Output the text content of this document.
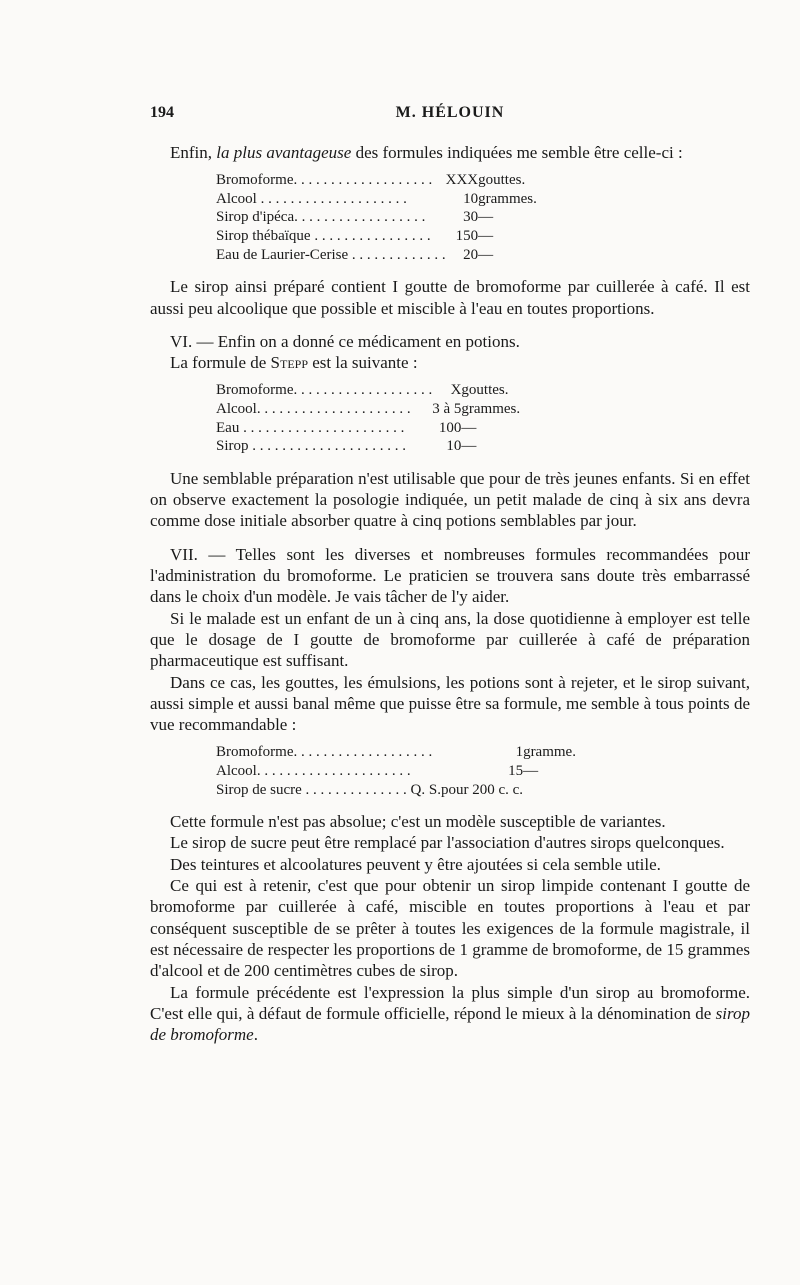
194	M. HÉLOUIN

Enfin, la plus avantageuse des formules indiquées me semble être celle-ci :

Bromoforme. . . . . . . . . . . . . . . . . . .	XXX	gouttes.
Alcool . . . . . . . . . . . . . . . . . . . .	10	grammes.
Sirop d'ipéca. . . . . . . . . . . . . . . . . .	30	—
Sirop thébaïque . . . . . . . . . . . . . . . .	150	—
Eau de Laurier-Cerise . . . . . . . . . . . . .	20	—

Le sirop ainsi préparé contient I goutte de bromoforme par cuillerée à café. Il est aussi peu alcoolique que possible et miscible à l'eau en toutes proportions.

VI. — Enfin on a donné ce médicament en potions.

La formule de Stepp est la suivante :

Bromoforme. . . . . . . . . . . . . . . . . . .	X	gouttes.
Alcool. . . . . . . . . . . . . . . . . . . . .	3 à 5	grammes.
Eau . . . . . . . . . . . . . . . . . . . . . .	100	—
Sirop . . . . . . . . . . . . . . . . . . . . .	10	—

Une semblable préparation n'est utilisable que pour de très jeunes enfants. Si en effet on observe exactement la posologie indiquée, un petit malade de cinq à six ans devra comme dose initiale absorber quatre à cinq potions semblables par jour.

VII. — Telles sont les diverses et nombreuses formules recommandées pour l'administration du bromoforme. Le praticien se trouvera sans doute très embarrassé dans le choix d'un modèle. Je vais tâcher de l'y aider.

Si le malade est un enfant de un à cinq ans, la dose quotidienne à employer est telle que le dosage de I goutte de bromoforme par cuillerée à café de préparation pharmaceutique est suffisant.

Dans ce cas, les gouttes, les émulsions, les potions sont à rejeter, et le sirop suivant, aussi simple et aussi banal même que puisse être sa formule, me semble à tous points de vue recommandable :

Bromoforme. . . . . . . . . . . . . . . . . . .	1	gramme.
Alcool. . . . . . . . . . . . . . . . . . . . .	15	—
Sirop de sucre . . . . . . . . . . . . . . Q. S.	pour 200 c. c.	

Cette formule n'est pas absolue; c'est un modèle susceptible de variantes.

Le sirop de sucre peut être remplacé par l'association d'autres sirops quelconques.

Des teintures et alcoolatures peuvent y être ajoutées si cela semble utile.

Ce qui est à retenir, c'est que pour obtenir un sirop limpide contenant I goutte de bromoforme par cuillerée à café, miscible en toutes proportions à l'eau et par conséquent susceptible de se prêter à toutes les exigences de la formule magistrale, il est nécessaire de respecter les proportions de 1 gramme de bromoforme, de 15 grammes d'alcool et de 200 centimètres cubes de sirop.

La formule précédente est l'expression la plus simple d'un sirop au bromoforme. C'est elle qui, à défaut de formule officielle, répond le mieux à la dénomination de sirop de bromoforme.
